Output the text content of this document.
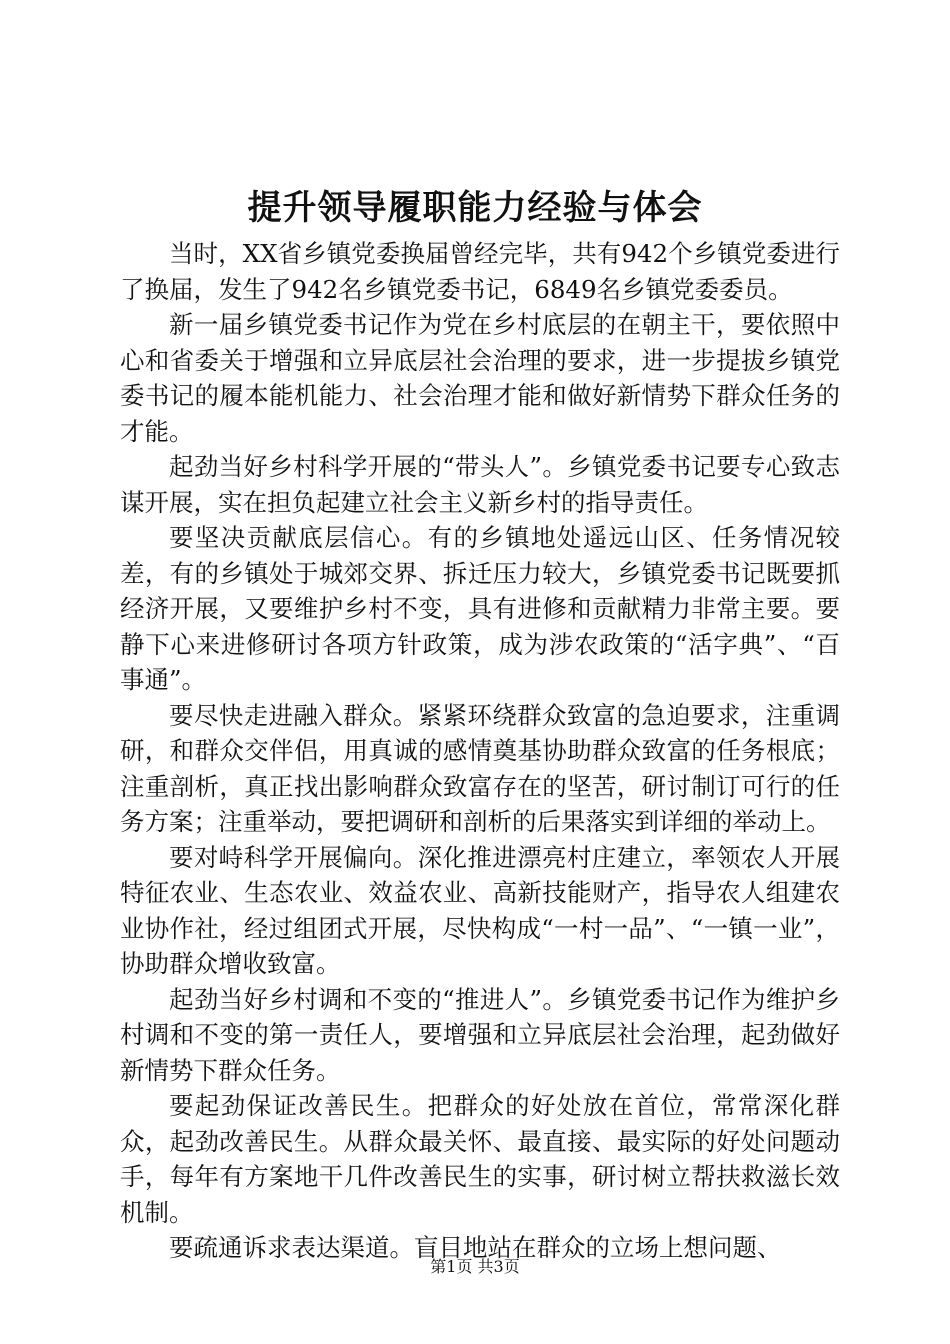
提升领导履职能力经验与体会

当时，XX省乡镇党委换届曾经完毕，共有942个乡镇党委进行了换届，发生了942名乡镇党委书记，6849名乡镇党委委员。

新一届乡镇党委书记作为党在乡村底层的在朝主干，要依照中心和省委关于增强和立异底层社会治理的要求，进一步提拔乡镇党委书记的履本能机能力、社会治理才能和做好新情势下群众任务的才能。

起劲当好乡村科学开展的“带头人”。乡镇党委书记要专心致志谋开展，实在担负起建立社会主义新乡村的指导责任。

要坚决贡献底层信心。有的乡镇地处遥远山区、任务情况较差，有的乡镇处于城郊交界、拆迁压力较大，乡镇党委书记既要抓经济开展，又要维护乡村不变，具有进修和贡献精力非常主要。要静下心来进修研讨各项方针政策，成为涉农政策的“活字典”、“百事通”。

要尽快走进融入群众。紧紧环绕群众致富的急迫要求，注重调研，和群众交伴侣，用真诚的感情奠基协助群众致富的任务根底；注重剖析，真正找出影响群众致富存在的坚苦，研讨制订可行的任务方案；注重举动，要把调研和剖析的后果落实到详细的举动上。

要对峙科学开展偏向。深化推进漂亮村庄建立，率领农人开展特征农业、生态农业、效益农业、高新技能财产，指导农人组建农业协作社，经过组团式开展，尽快构成“一村一品”、“一镇一业”，协助群众增收致富。

起劲当好乡村调和不变的“推进人”。乡镇党委书记作为维护乡村调和不变的第一责任人，要增强和立异底层社会治理，起劲做好新情势下群众任务。

要起劲保证改善民生。把群众的好处放在首位，常常深化群众，起劲改善民生。从群众最关怀、最直接、最实际的好处问题动手，每年有方案地干几件改善民生的实事，研讨树立帮扶救滋长效机制。

要疏通诉求表达渠道。盲目地站在群众的立场上想问题、

第1页 共3页
